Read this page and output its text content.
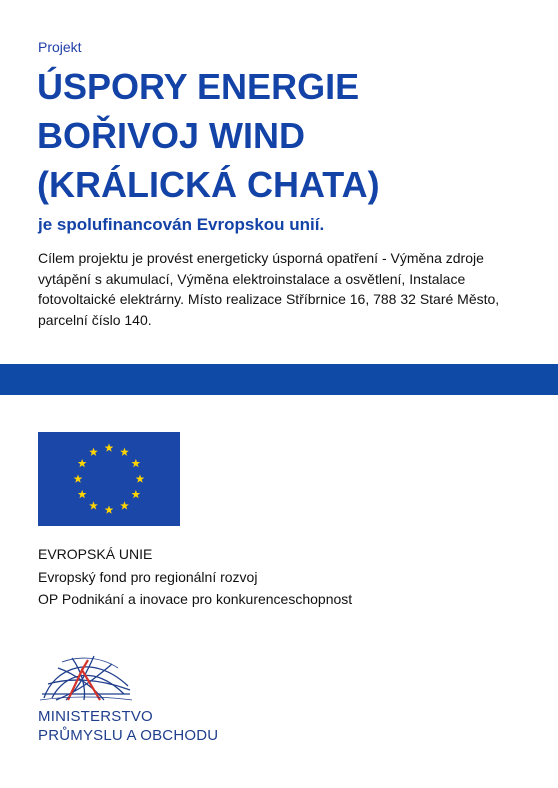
Projekt
ÚSPORY ENERGIE
BOŘIVOJ WIND
(KRÁLICKÁ CHATA)
je spolufinancován Evropskou unií.
Cílem projektu je provést energeticky úsporná opatření - Výměna zdroje vytápění s akumulací, Výměna elektroinstalace a osvětlení, Instalace fotovoltaické elektrárny. Místo realizace Stříbrnice 16, 788 32 Staré Město, parcelní číslo 140.
EVROPSKÁ UNIE
Evropský fond pro regionální rozvoj
OP Podnikání a inovace pro konkurenceschopnost
MINISTERSTVO
PRŮMYSLU A OBCHODU
